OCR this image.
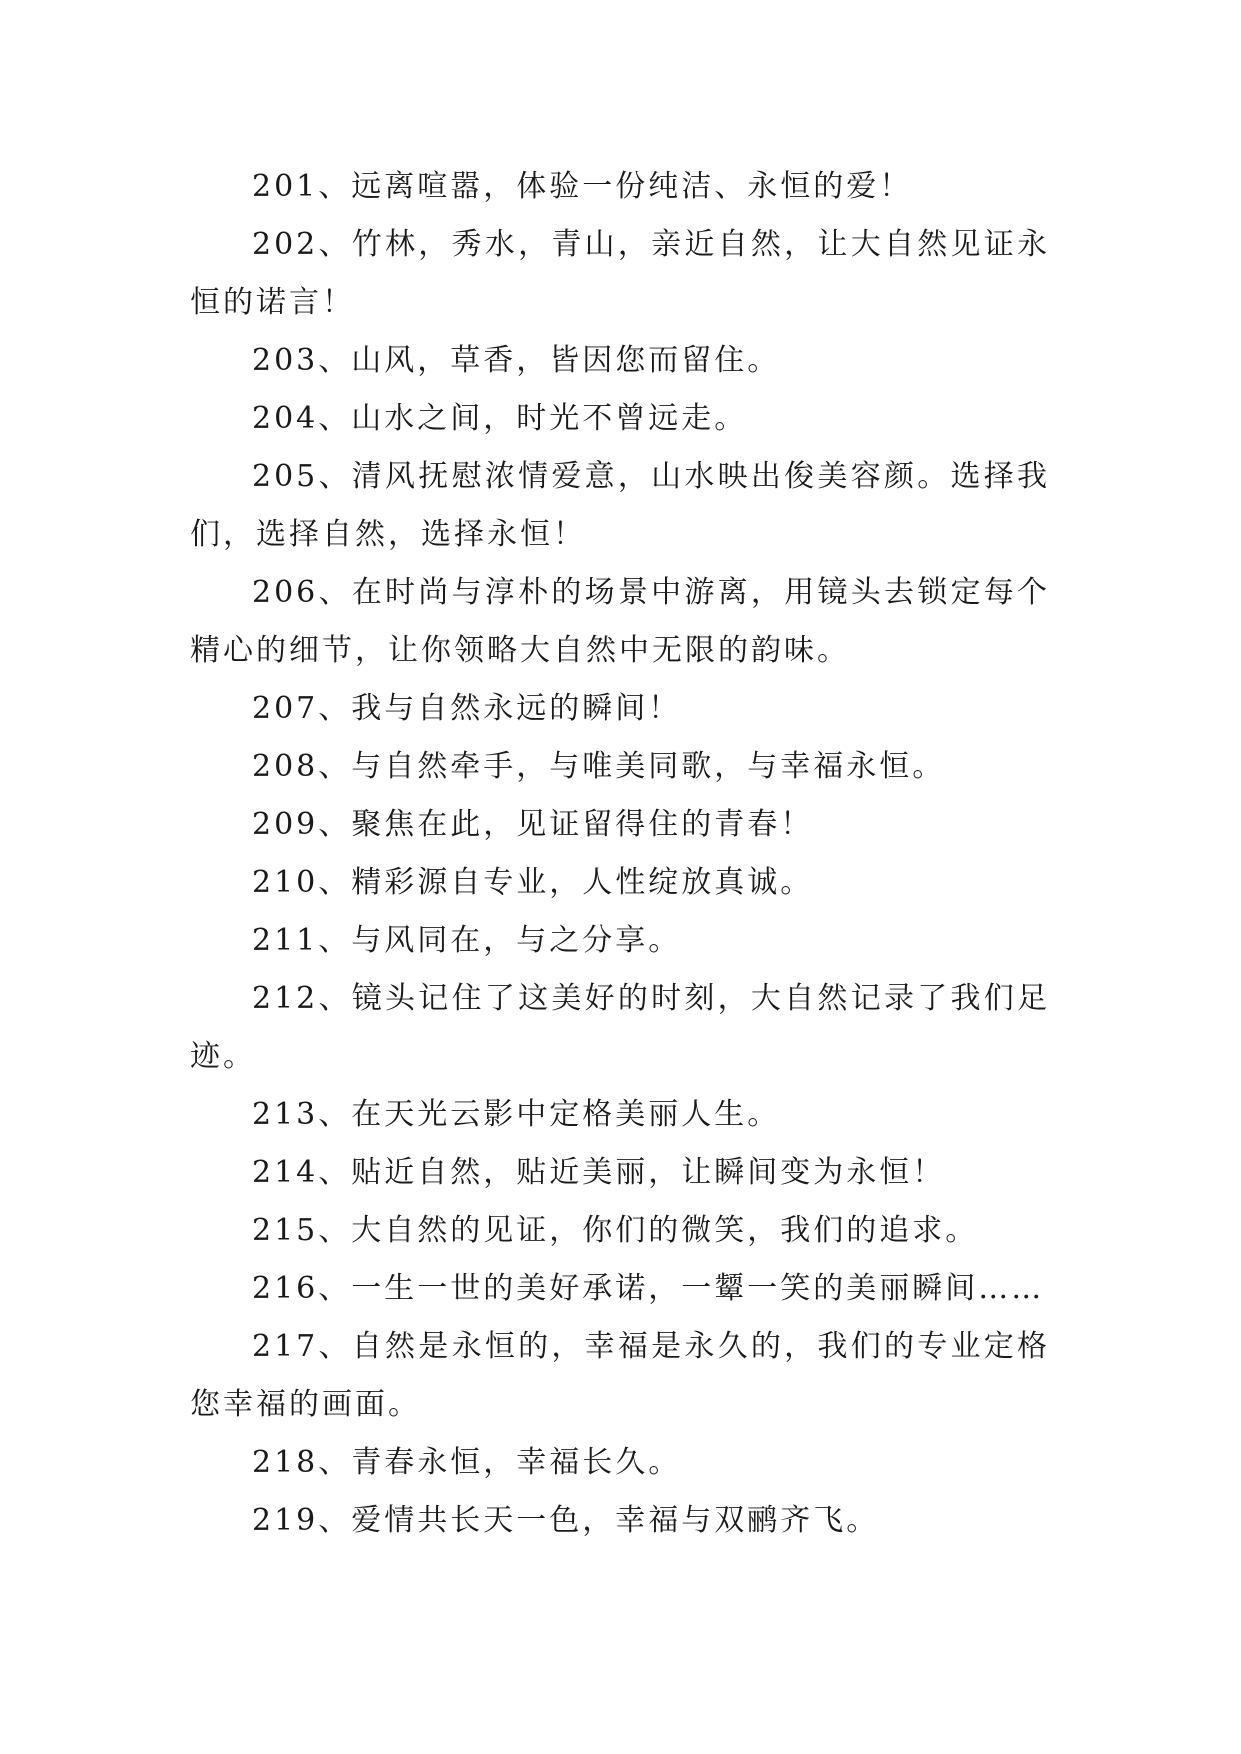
201、远离喧嚣，体验一份纯洁、永恒的爱！

202、竹林，秀水，青山，亲近自然，让大自然见证永恒的诺言！

203、山风，草香，皆因您而留住。

204、山水之间，时光不曾远走。

205、清风抚慰浓情爱意，山水映出俊美容颜。选择我们，选择自然，选择永恒！

206、在时尚与淳朴的场景中游离，用镜头去锁定每个精心的细节，让你领略大自然中无限的韵味。

207、我与自然永远的瞬间！

208、与自然牵手，与唯美同歌，与幸福永恒。

209、聚焦在此，见证留得住的青春！

210、精彩源自专业，人性绽放真诚。

211、与风同在，与之分享。

212、镜头记住了这美好的时刻，大自然记录了我们足迹。

213、在天光云影中定格美丽人生。

214、贴近自然，贴近美丽，让瞬间变为永恒！

215、大自然的见证，你们的微笑，我们的追求。

216、一生一世的美好承诺，一颦一笑的美丽瞬间……

217、自然是永恒的，幸福是永久的，我们的专业定格您幸福的画面。

218、青春永恒，幸福长久。

219、爱情共长天一色，幸福与双鹂齐飞。
